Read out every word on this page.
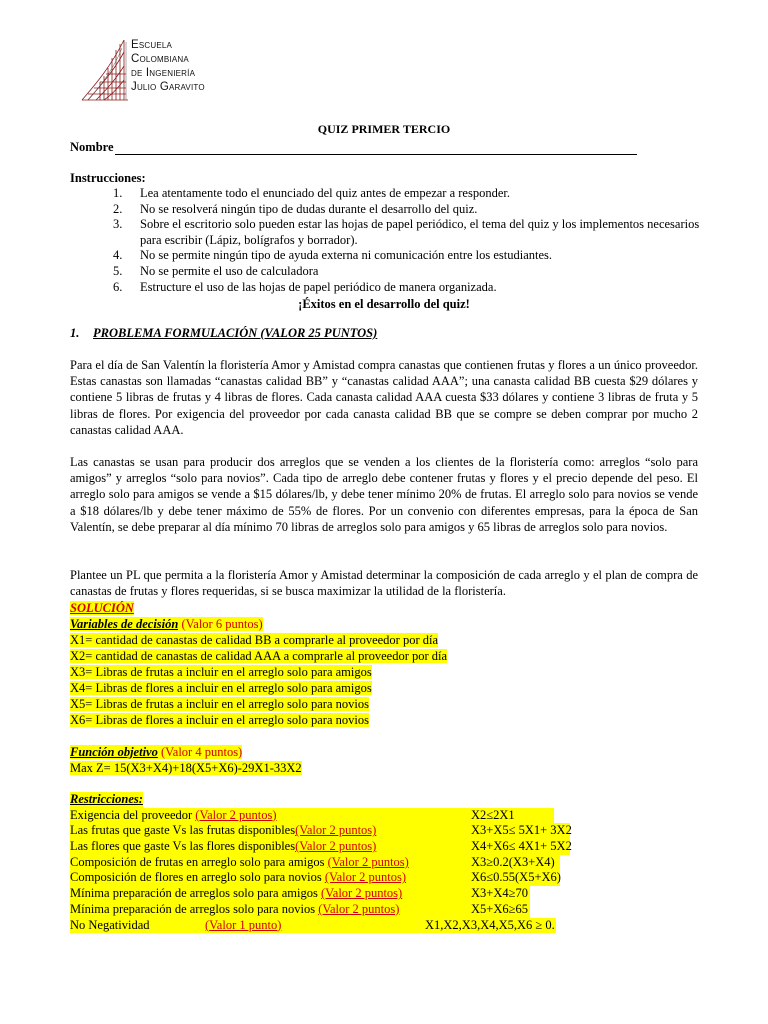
Escuela
Colombiana
de Ingeniería
Julio Garavito
QUIZ PRIMER TERCIO
Nombre
Instrucciones:
1.	Lea atentamente todo el enunciado del quiz antes de empezar a responder.
2.	No se resolverá ningún tipo de dudas durante el desarrollo del quiz.
3.	Sobre el escritorio solo pueden estar las hojas de papel periódico, el tema del quiz y los implementos necesarios para escribir (Lápiz, bolígrafos y borrador).
4.	No se permite ningún tipo de ayuda externa ni comunicación entre los estudiantes.
5.	No se permite el uso de calculadora
6.	Estructure el uso de las hojas de papel periódico de manera organizada.
¡Éxitos en el desarrollo del quiz!
1. PROBLEMA FORMULACIÓN (VALOR 25 PUNTOS)
Para el día de San Valentín la floristería Amor y Amistad compra canastas que contienen frutas y flores a un único proveedor. Estas canastas son llamadas “canastas calidad BB” y “canastas calidad AAA”; una canasta calidad BB cuesta $29 dólares y contiene 5 libras de frutas y 4 libras de flores. Cada canasta calidad AAA cuesta $33 dólares y contiene 3 libras de fruta y 5 libras de flores. Por exigencia del proveedor por cada canasta calidad BB que se compre se deben comprar por mucho 2 canastas calidad AAA.
Las canastas se usan para producir dos arreglos que se venden a los clientes de la floristería como: arreglos “solo para amigos” y arreglos “solo para novios”. Cada tipo de arreglo debe contener frutas y flores y el precio depende del peso. El arreglo solo para amigos se vende a $15 dólares/lb, y debe tener mínimo 20% de frutas. El arreglo solo para novios se vende a $18 dólares/lb y debe tener máximo de 55% de flores. Por un convenio con diferentes empresas, para la época de San Valentín, se debe preparar al día mínimo 70 libras de arreglos solo para amigos y 65 libras de arreglos solo para novios.
Plantee un PL que permita a la floristería Amor y Amistad determinar la composición de cada arreglo y el plan de compra de canastas de frutas y flores requeridas, si se busca maximizar la utilidad de la floristería.
SOLUCIÓN
Variables de decisión (Valor 6 puntos)
X1= cantidad de canastas de calidad BB a comprarle al proveedor por día
X2= cantidad de canastas de calidad AAA a comprarle al proveedor por día
X3= Libras de frutas a incluir en el arreglo solo para amigos
X4= Libras de flores a incluir en el arreglo solo para amigos
X5= Libras de frutas a incluir en el arreglo solo para novios
X6= Libras de flores a incluir en el arreglo solo para novios
Función objetivo (Valor 4 puntos)
Max Z= 15(X3+X4)+18(X5+X6)-29X1-33X2
Restricciones:
Exigencia del proveedor (Valor 2 puntos)	X2≤2X1
Las frutas que gaste Vs las frutas disponibles(Valor 2 puntos)	X3+X5≤ 5X1+ 3X2
Las flores que gaste Vs las flores disponibles(Valor 2 puntos)	X4+X6≤ 4X1+ 5X2
Composición de frutas en arreglo solo para amigos (Valor 2 puntos)	X3≥0.2(X3+X4)
Composición de flores en arreglo solo para novios (Valor 2 puntos)	X6≤0.55(X5+X6)
Mínima preparación de arreglos solo para amigos (Valor 2 puntos)	X3+X4≥70
Mínima preparación de arreglos solo para novios (Valor 2 puntos)	X5+X6≥65
No Negatividad	(Valor 1 punto)	X1,X2,X3,X4,X5,X6 ≥ 0.
